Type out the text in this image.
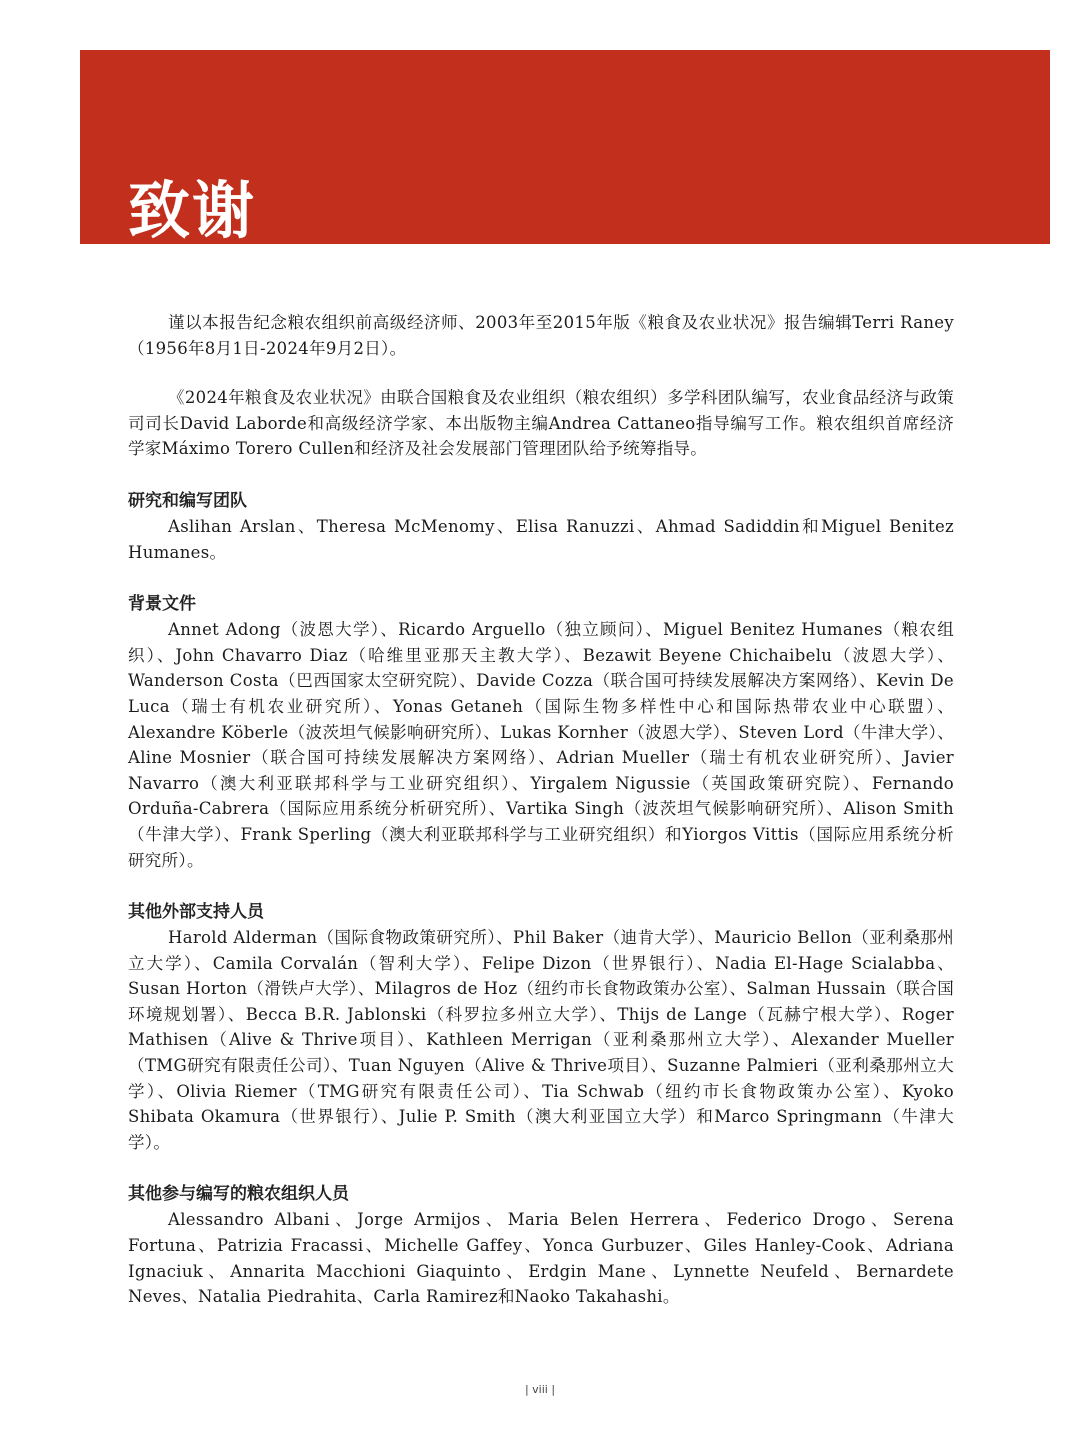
致谢

谨以本报告纪念粮农组织前高级经济师、2003年至2015年版《粮食及农业状况》报告编辑Terri Raney（1956年8月1日-2024年9月2日）。

《2024年粮食及农业状况》由联合国粮食及农业组织（粮农组织）多学科团队编写，农业食品经济与政策司司长David Laborde和高级经济学家、本出版物主编Andrea Cattaneo指导编写工作。粮农组织首席经济学家Máximo Torero Cullen和经济及社会发展部门管理团队给予统筹指导。

研究和编写团队

Aslihan Arslan、Theresa McMenomy、Elisa Ranuzzi、Ahmad Sadiddin和Miguel Benitez Humanes。

背景文件

Annet Adong（波恩大学）、Ricardo Arguello（独立顾问）、Miguel Benitez Humanes（粮农组织）、John Chavarro Diaz（哈维里亚那天主教大学）、Bezawit Beyene Chichaibelu（波恩大学）、Wanderson Costa（巴西国家太空研究院）、Davide Cozza（联合国可持续发展解决方案网络）、Kevin De Luca（瑞士有机农业研究所）、Yonas Getaneh（国际生物多样性中心和国际热带农业中心联盟）、Alexandre Köberle（波茨坦气候影响研究所）、Lukas Kornher（波恩大学）、Steven Lord（牛津大学）、Aline Mosnier（联合国可持续发展解决方案网络）、Adrian Mueller（瑞士有机农业研究所）、Javier Navarro（澳大利亚联邦科学与工业研究组织）、Yirgalem Nigussie（英国政策研究院）、Fernando Orduña-Cabrera（国际应用系统分析研究所）、Vartika Singh（波茨坦气候影响研究所）、Alison Smith（牛津大学）、Frank Sperling（澳大利亚联邦科学与工业研究组织）和Yiorgos Vittis（国际应用系统分析研究所）。

其他外部支持人员

Harold Alderman（国际食物政策研究所）、Phil Baker（迪肯大学）、Mauricio Bellon（亚利桑那州立大学）、Camila Corvalán（智利大学）、Felipe Dizon（世界银行）、Nadia El-Hage Scialabba、Susan Horton（滑铁卢大学）、Milagros de Hoz（纽约市长食物政策办公室）、Salman Hussain（联合国环境规划署）、Becca B.R. Jablonski（科罗拉多州立大学）、Thijs de Lange（瓦赫宁根大学）、Roger Mathisen（Alive & Thrive项目）、Kathleen Merrigan（亚利桑那州立大学）、Alexander Mueller（TMG研究有限责任公司）、Tuan Nguyen（Alive & Thrive项目）、Suzanne Palmieri（亚利桑那州立大学）、Olivia Riemer（TMG研究有限责任公司）、Tia Schwab（纽约市长食物政策办公室）、Kyoko Shibata Okamura（世界银行）、Julie P. Smith（澳大利亚国立大学）和Marco Springmann（牛津大学）。

其他参与编写的粮农组织人员

Alessandro Albani、Jorge Armijos、Maria Belen Herrera、Federico Drogo、Serena Fortuna、Patrizia Fracassi、Michelle Gaffey、Yonca Gurbuzer、Giles Hanley-Cook、Adriana Ignaciuk、Annarita Macchioni Giaquinto、Erdgin Mane、Lynnette Neufeld、Bernardete Neves、Natalia Piedrahita、Carla Ramirez和Naoko Takahashi。

| viii |
